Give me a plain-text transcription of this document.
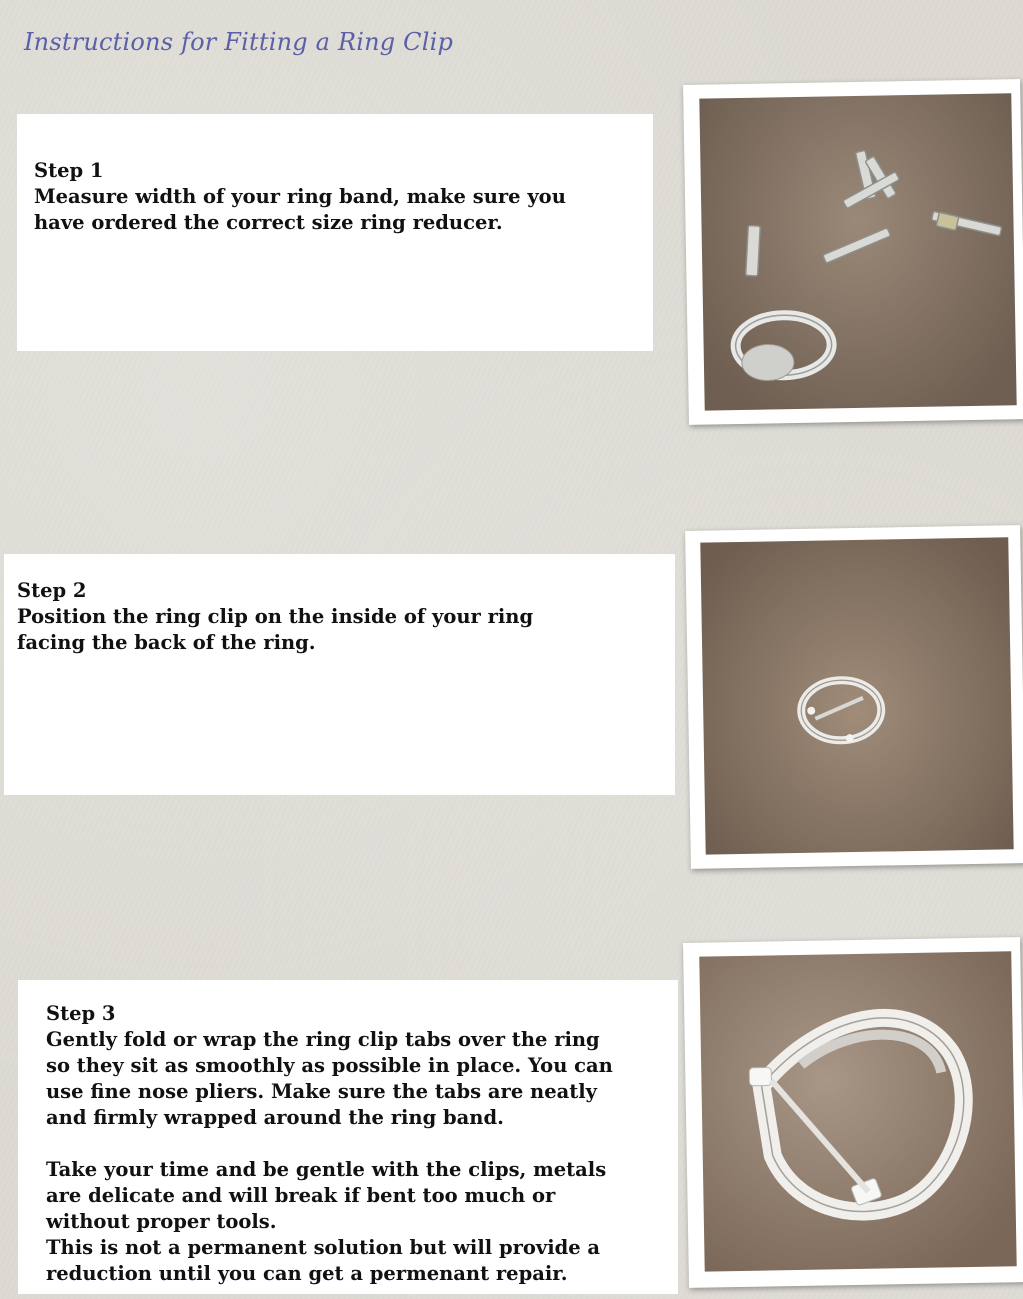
Instructions for Fitting a Ring Clip
Step 1
Measure width of your ring band, make sure you
have ordered the correct size ring reducer.
Step 2
Position the ring clip on the inside of your ring
facing the back of the ring.
Step 3
Gently fold or wrap the ring clip tabs over the ring
so they sit as smoothly as possible in place. You can
use fine nose pliers. Make sure the tabs are neatly
and firmly wrapped around the ring band.
Take your time and be gentle with the clips, metals
are delicate and will break if bent too much or
without proper tools.
This is not a permanent solution but will provide a
reduction until you can get a permenant repair.
